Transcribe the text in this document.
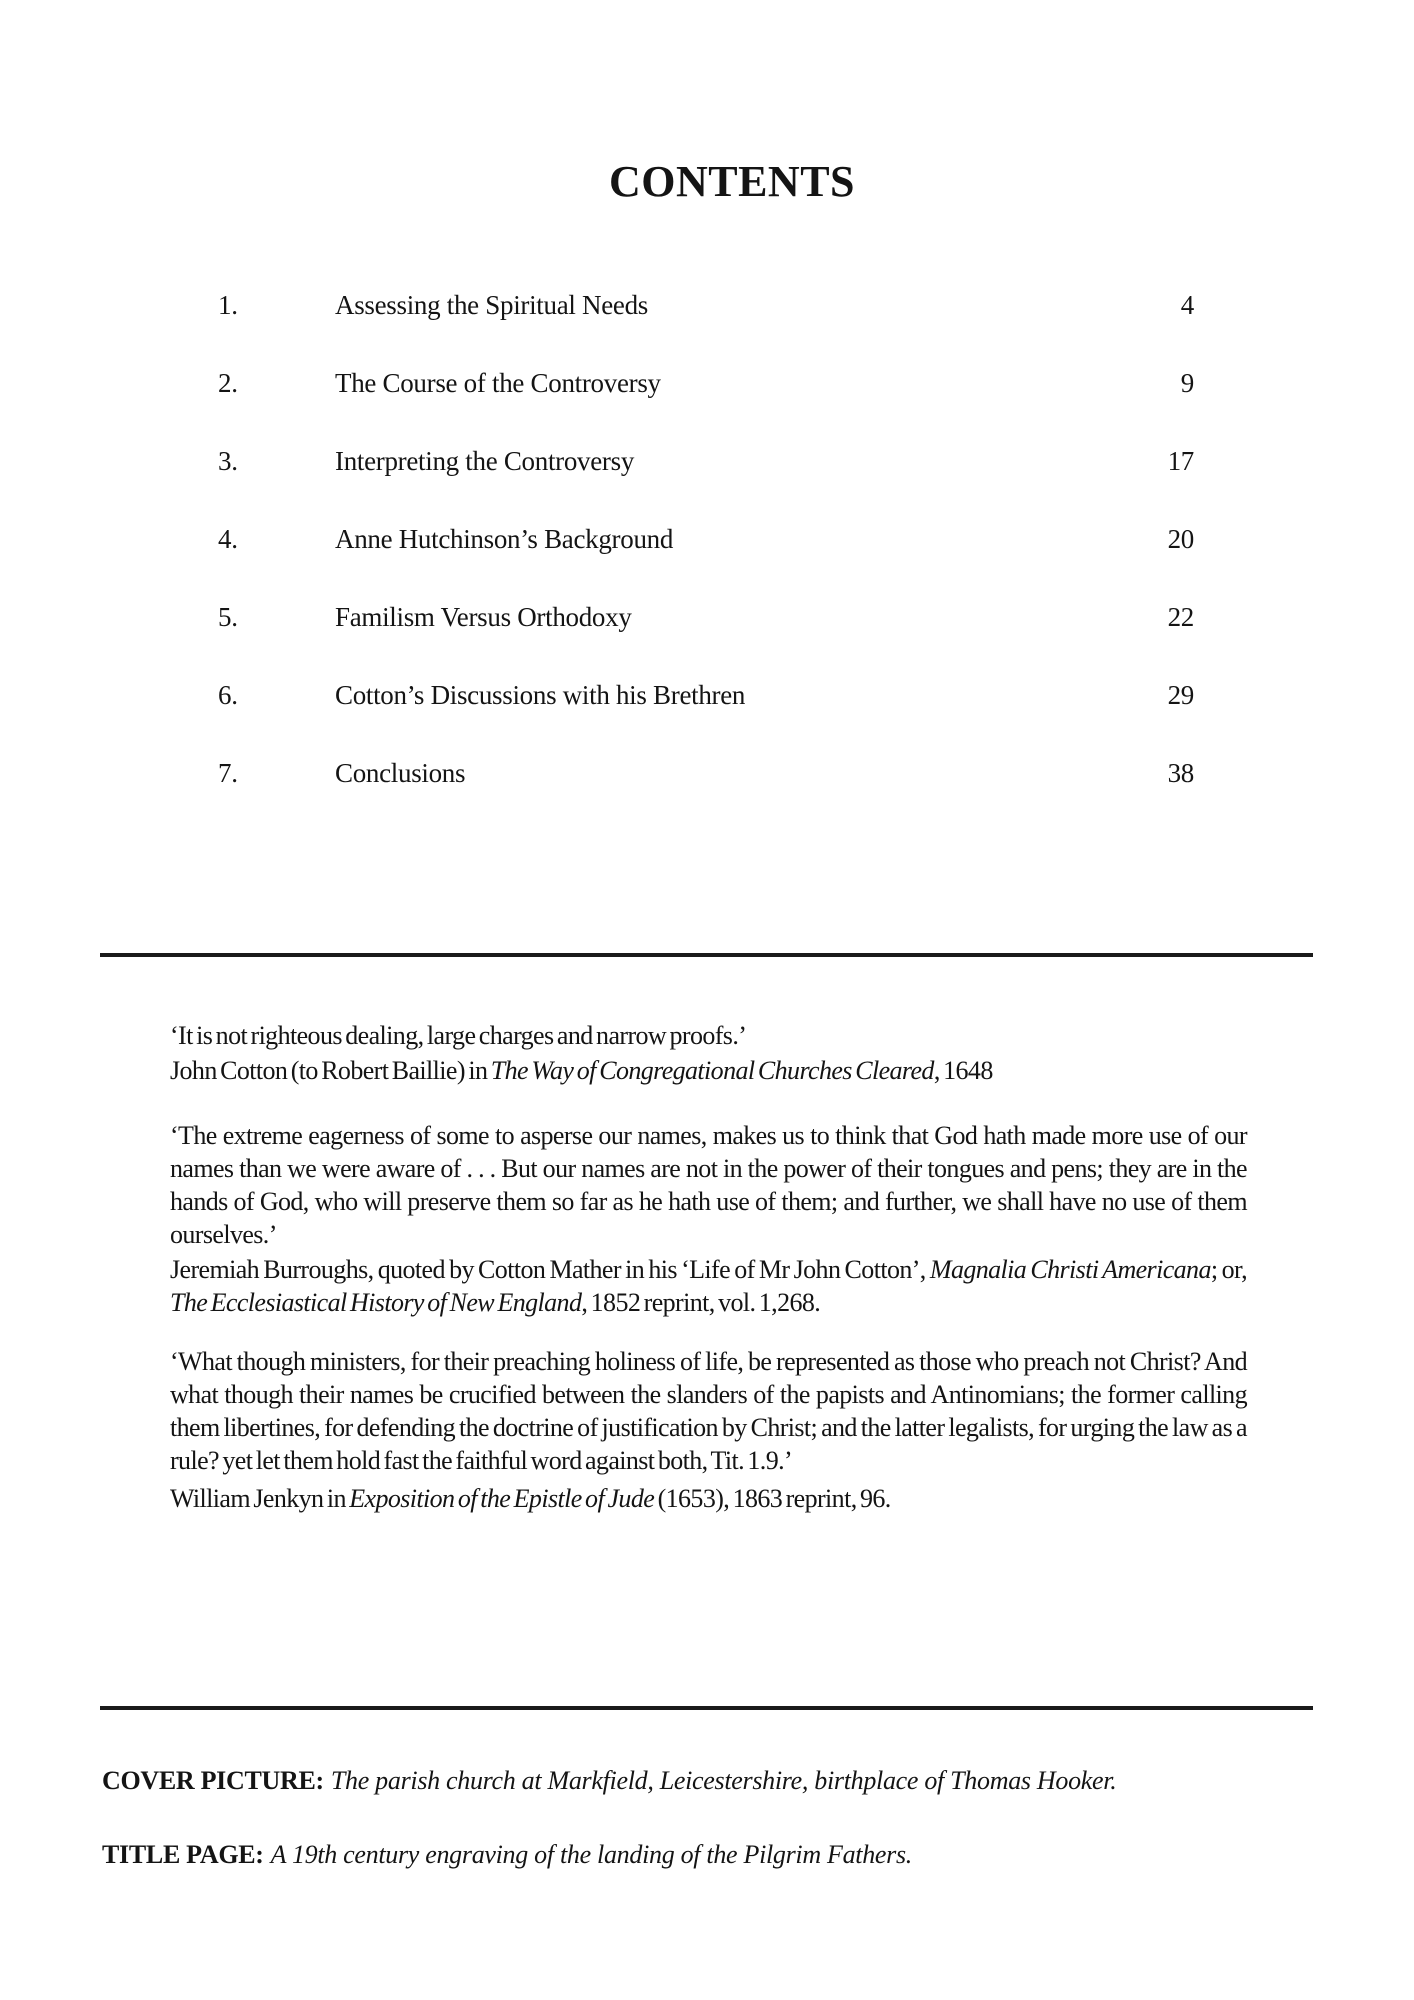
CONTENTS
1.	Assessing the Spiritual Needs	4
2.	The Course of the Controversy	9
3.	Interpreting the Controversy	17
4.	Anne Hutchinson’s Background	20
5.	Familism Versus Orthodoxy	22
6.	Cotton’s Discussions with his Brethren	29
7.	Conclusions	38

‘It is not righteous dealing, large charges and narrow proofs.’

John Cotton (to Robert Baillie) in The Way of Congregational Churches Cleared, 1648

‘The extreme eagerness of some to asperse our names, makes us to think that God hath made more use of our names than we were aware of . . . But our names are not in the power of their tongues and pens; they are in the hands of God, who will preserve them so far as he hath use of them; and further, we shall have no use of them ourselves.’

Jeremiah Burroughs, quoted by Cotton Mather in his ‘Life of Mr John Cotton’, Magnalia Christi Americana; or, The Ecclesiastical History of New England, 1852 reprint, vol. 1,268.

‘What though ministers, for their preaching holiness of life, be represented as those who preach not Christ? And what though their names be crucified between the slanders of the papists and Antinomians; the former calling them libertines, for defending the doctrine of justification by Christ; and the latter legalists, for urging the law as a rule? yet let them hold fast the faithful word against both, Tit. 1.9.’

William Jenkyn in Exposition of the Epistle of Jude (1653), 1863 reprint, 96.

COVER PICTURE: The parish church at Markfield, Leicestershire, birthplace of Thomas Hooker.

TITLE PAGE: A 19th century engraving of the landing of the Pilgrim Fathers.
